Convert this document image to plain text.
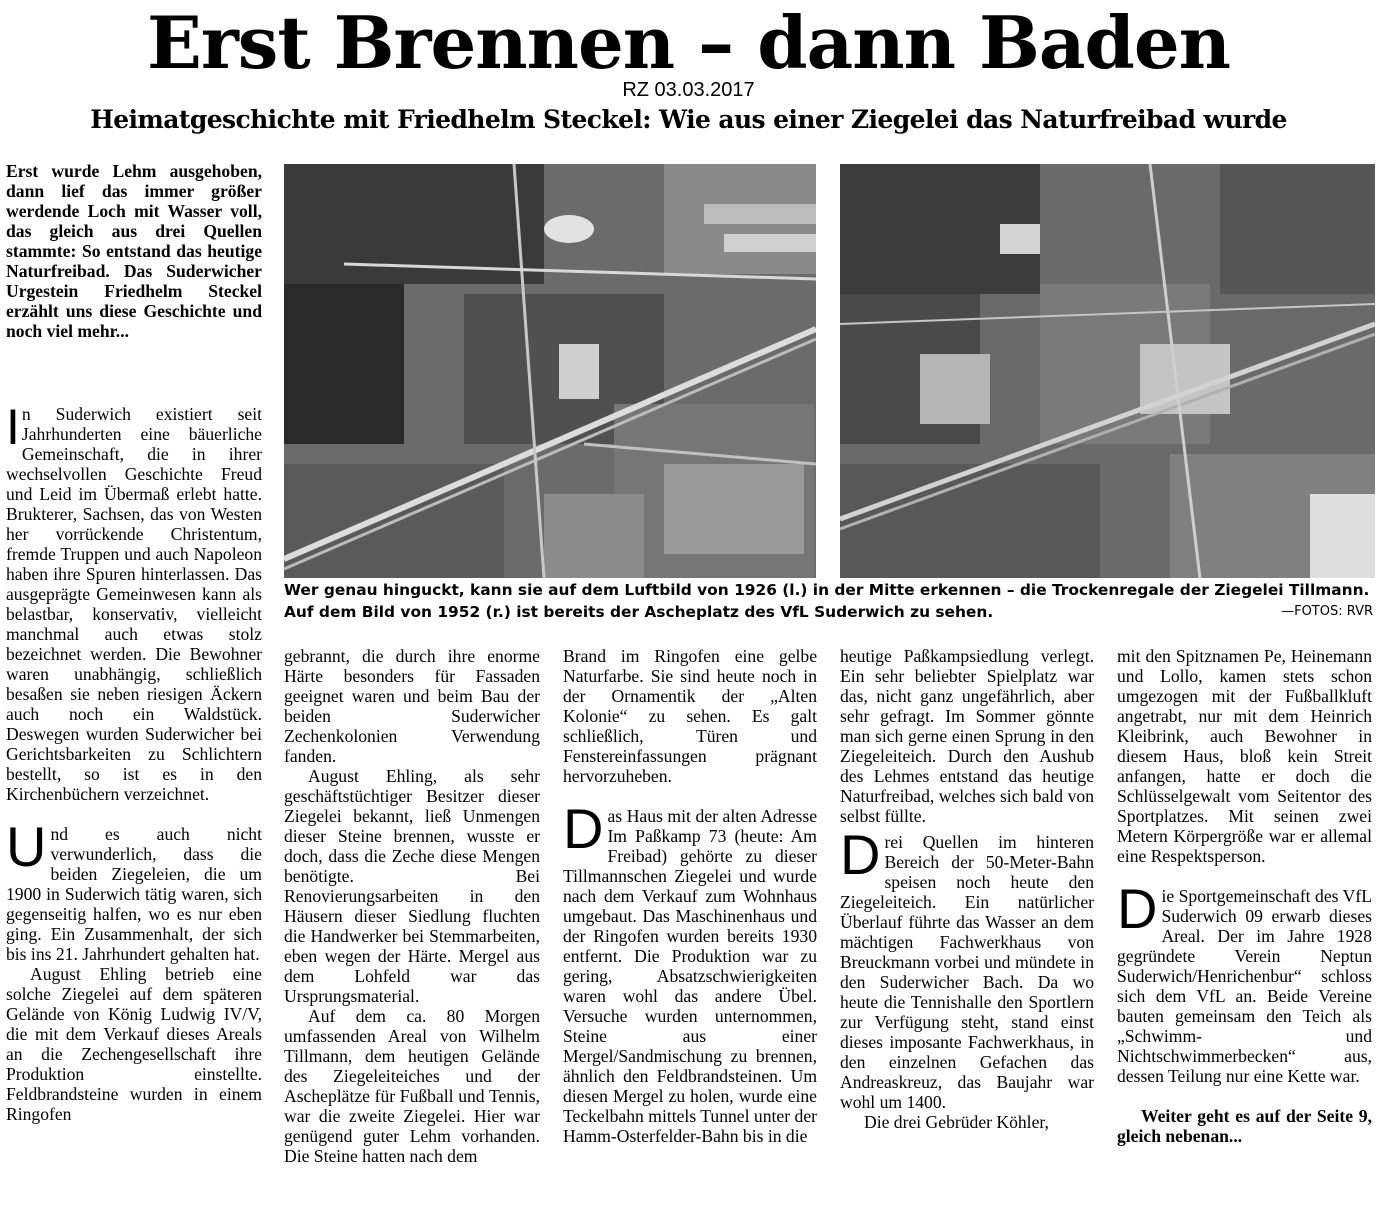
Erst Brennen – dann Baden
RZ 03.03.2017
Heimatgeschichte mit Friedhelm Steckel: Wie aus einer Ziegelei das Naturfreibad wurde

Erst wurde Lehm ausgehoben, dann lief das immer größer werdende Loch mit Wasser voll, das gleich aus drei Quellen stammte: So entstand das heutige Naturfreibad. Das Suderwicher Urgestein Friedhelm Steckel erzählt uns diese Geschichte und noch viel mehr...

In Suderwich existiert seit Jahrhunderten eine bäuerliche Gemeinschaft, die in ihrer wechselvollen Geschichte Freud und Leid im Übermaß erlebt hatte. Brukterer, Sachsen, das von Westen her vorrückende Christentum, fremde Truppen und auch Napoleon haben ihre Spuren hinterlassen. Das ausgeprägte Gemeinwesen kann als belastbar, konservativ, vielleicht manchmal auch etwas stolz bezeichnet werden. Die Bewohner waren unabhängig, schließlich besaßen sie neben riesigen Äckern auch noch ein Waldstück. Deswegen wurden Suderwicher bei Gerichtsbarkeiten zu Schlichtern bestellt, so ist es in den Kirchenbüchern verzeichnet.

Und es auch nicht verwunderlich, dass die beiden Ziegeleien, die um 1900 in Suderwich tätig waren, sich gegenseitig halfen, wo es nur eben ging. Ein Zusammenhalt, der sich bis ins 21. Jahrhundert gehalten hat.

August Ehling betrieb eine solche Ziegelei auf dem späteren Gelände von König Ludwig IV/V, die mit dem Verkauf dieses Areals an die Zechengesellschaft ihre Produktion einstellte. Feldbrandsteine wurden in einem Ringofen

Wer genau hinguckt, kann sie auf dem Luftbild von 1926 (l.) in der Mitte erkennen – die Trockenregale der Ziegelei Tillmann. Auf dem Bild von 1952 (r.) ist bereits der Ascheplatz des VfL Suderwich zu sehen.	—FOTOS: RVR

gebrannt, die durch ihre enorme Härte besonders für Fassaden geeignet waren und beim Bau der beiden Suderwicher Zechenkolonien Verwendung fanden.

August Ehling, als sehr geschäftstüchtiger Besitzer dieser Ziegelei bekannt, ließ Unmengen dieser Steine brennen, wusste er doch, dass die Zeche diese Mengen benötigte. Bei Renovierungsarbeiten in den Häusern dieser Siedlung fluchten die Handwerker bei Stemmarbeiten, eben wegen der Härte. Mergel aus dem Lohfeld war das Ursprungsmaterial.

Auf dem ca. 80 Morgen umfassenden Areal von Wilhelm Tillmann, dem heutigen Gelände des Ziegeleiteiches und der Ascheplätze für Fußball und Tennis, war die zweite Ziegelei. Hier war genügend guter Lehm vorhanden. Die Steine hatten nach dem

Brand im Ringofen eine gelbe Naturfarbe. Sie sind heute noch in der Ornamentik der „Alten Kolonie“ zu sehen. Es galt schließlich, Türen und Fenstereinfassungen prägnant hervorzuheben.

Das Haus mit der alten Adresse Im Paßkamp 73 (heute: Am Freibad) gehörte zu dieser Tillmannschen Ziegelei und wurde nach dem Verkauf zum Wohnhaus umgebaut. Das Maschinenhaus und der Ringofen wurden bereits 1930 entfernt. Die Produktion war zu gering, Absatzschwierigkeiten waren wohl das andere Übel. Versuche wurden unternommen, Steine aus einer Mergel/Sandmischung zu brennen, ähnlich den Feldbrandsteinen. Um diesen Mergel zu holen, wurde eine Teckelbahn mittels Tunnel unter der Hamm-Osterfelder-Bahn bis in die

heutige Paßkampsiedlung verlegt. Ein sehr beliebter Spielplatz war das, nicht ganz ungefährlich, aber sehr gefragt. Im Sommer gönnte man sich gerne einen Sprung in den Ziegeleiteich. Durch den Aushub des Lehmes entstand das heutige Naturfreibad, welches sich bald von selbst füllte.

Drei Quellen im hinteren Bereich der 50-Meter-Bahn speisen noch heute den Ziegeleiteich. Ein natürlicher Überlauf führte das Wasser an dem mächtigen Fachwerkhaus von Breuckmann vorbei und mündete in den Suderwicher Bach. Da wo heute die Tennishalle den Sportlern zur Verfügung steht, stand einst dieses imposante Fachwerkhaus, in den einzelnen Gefachen das Andreaskreuz, das Baujahr war wohl um 1400.

Die drei Gebrüder Köhler,

mit den Spitznamen Pe, Heinemann und Lollo, kamen stets schon umgezogen mit der Fußballkluft angetrabt, nur mit dem Heinrich Kleibrink, auch Bewohner in diesem Haus, bloß kein Streit anfangen, hatte er doch die Schlüsselgewalt vom Seitentor des Sportplatzes. Mit seinen zwei Metern Körpergröße war er allemal eine Respektsperson.

Die Sportgemeinschaft des VfL Suderwich 09 erwarb dieses Areal. Der im Jahre 1928 gegründete Verein Neptun Suderwich/Henrichenbur“ schloss sich dem VfL an. Beide Vereine bauten gemeinsam den Teich als „Schwimm- und Nichtschwimmerbecken“ aus, dessen Teilung nur eine Kette war.

Weiter geht es auf der Seite 9, gleich nebenan...
